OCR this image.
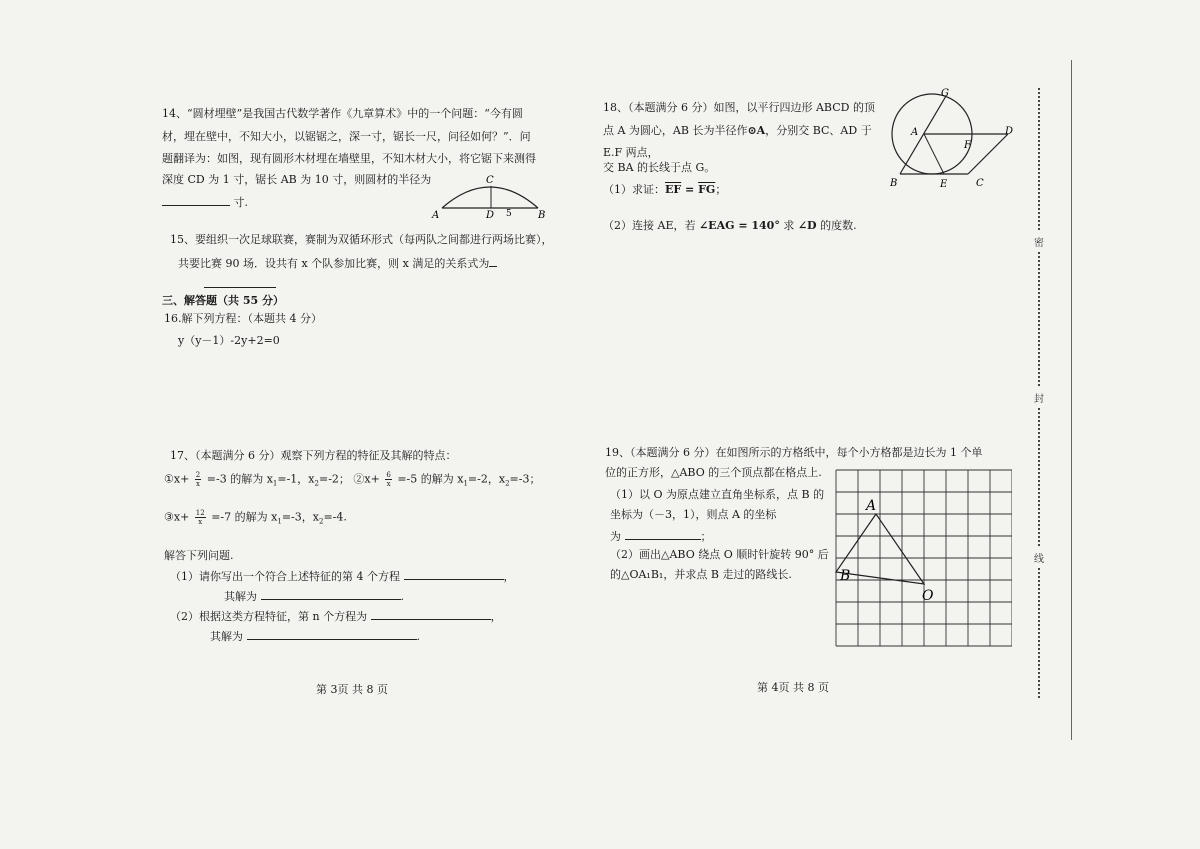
14、“圆材埋壁”是我国古代数学著作《九章算术》中的一个问题：“今有圆
材，埋在壁中，不知大小，以锯锯之，深一寸，锯长一尺，问径如何？”．问
题翻译为：如图，现有圆形木材埋在墙壁里，不知木材大小，将它锯下来测得
深度 CD 为 1 寸，锯长 AB 为 10 寸，则圆材的半径为
寸.
C
A	D	B
5
15、要组织一次足球联赛，赛制为双循环形式（每两队之间都进行两场比赛），
共要比赛 90 场．设共有 x 个队参加比赛，则 x 满足的关系式为
三、解答题（共 55 分）
16.解下列方程：（本题共 4 分）
y（y－1）-2y+2=0
17、（本题满分 6 分）观察下列方程的特征及其解的特点：
①x+ $\frac{2}{x} =-3$ 的解为 $x_1=-1$，$x_2=-2$； ②x+ $\frac{6}{x} =-5$ 的解为 $x_1=-2$，$x_2=-3$；
③x+ $\frac{12}{x} =-7$ 的解为 $x_1=-3$，$x_2=-4$.
解答下列问题.
（1）请你写出一个符合上述特征的第 4 个方程	，
其解为	.
（2）根据这类方程特征，第 n 个方程为	，
其解为	.
第 3页 共 8 页
18、（本题满分 6 分）如图，以平行四边形 ABCD 的顶
点 A 为圆心，AB 长为半径作⊙A，分别交 BC、AD 于
E.F 两点，
交 BA 的长线于点 G。
（1）求证：$\overline{EF} = \overline{FG}$；
（2）连接 AE，若 ∠EAG = 140° 求 ∠D 的度数.
G
A	D
F
B	E	C
19、（本题满分 6 分）在如图所示的方格纸中，每个小方格都是边长为 1 个单
位的正方形，△ABO 的三个顶点都在格点上.
（1）以 O 为原点建立直角坐标系，点 B 的
坐标为（－3，1），则点 A 的坐标
为	；
（2）画出△ABO 绕点 O 顺时针旋转 90° 后
的△OA₁B₁，并求点 B 走过的路线长.
A
B
O
第 4页 共 8 页
密
封
线
